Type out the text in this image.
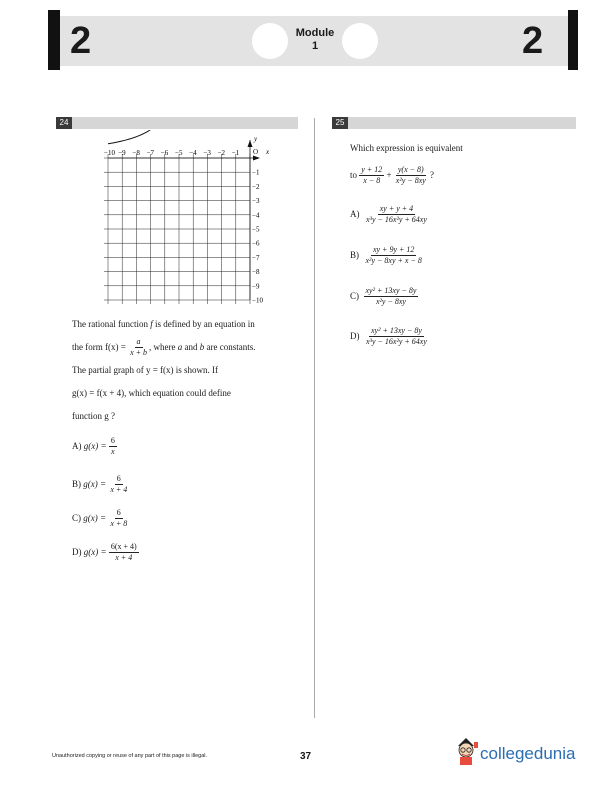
2	2
Module
1
24	25
x
y
O
−10 −9 −8 −7 −6 −5 −4 −3 −2 −1
−1
−2
−3
−4
−5
−6
−7
−8
−9
−10
The rational function f is defined by an equation in
the form
f(x) =
$\frac{a}{x + b}$ , where
a
and
b
are constants.
The partial graph of y = f(x) is shown. If
g(x) = f(x + 4), which equation could define
function g ?
A)
g(x) =
$\frac{6}{x}$
B)
g(x) =
$\frac{6}{x + 4}$
C)
g(x) =
$\frac{6}{x + 8}$
D)
g(x) =
$\frac{6(x + 4)}{x + 4}$
Which expression is equivalent
to
$\frac{y + 12}{x - 8}$
+
$\frac{y(x - 8)}{\text{x²y − 8xy}}$
?
A)
$\frac{xy + y + 4}{\text{x³y − 16x²y + 64xy}}$
B)
$\frac{xy + 9y + 12}{\text{x²y − 8xy + x − 8}}$
C)
$\frac{\text{xy² + 13xy − 8y}}{\text{x²y − 8xy}}$
D)
$\frac{\text{xy² + 13xy − 8y}}{\text{x³y − 16x²y + 64xy}}$
Unauthorized copying or reuse of any part of this page is illegal.	37	collegedunia
